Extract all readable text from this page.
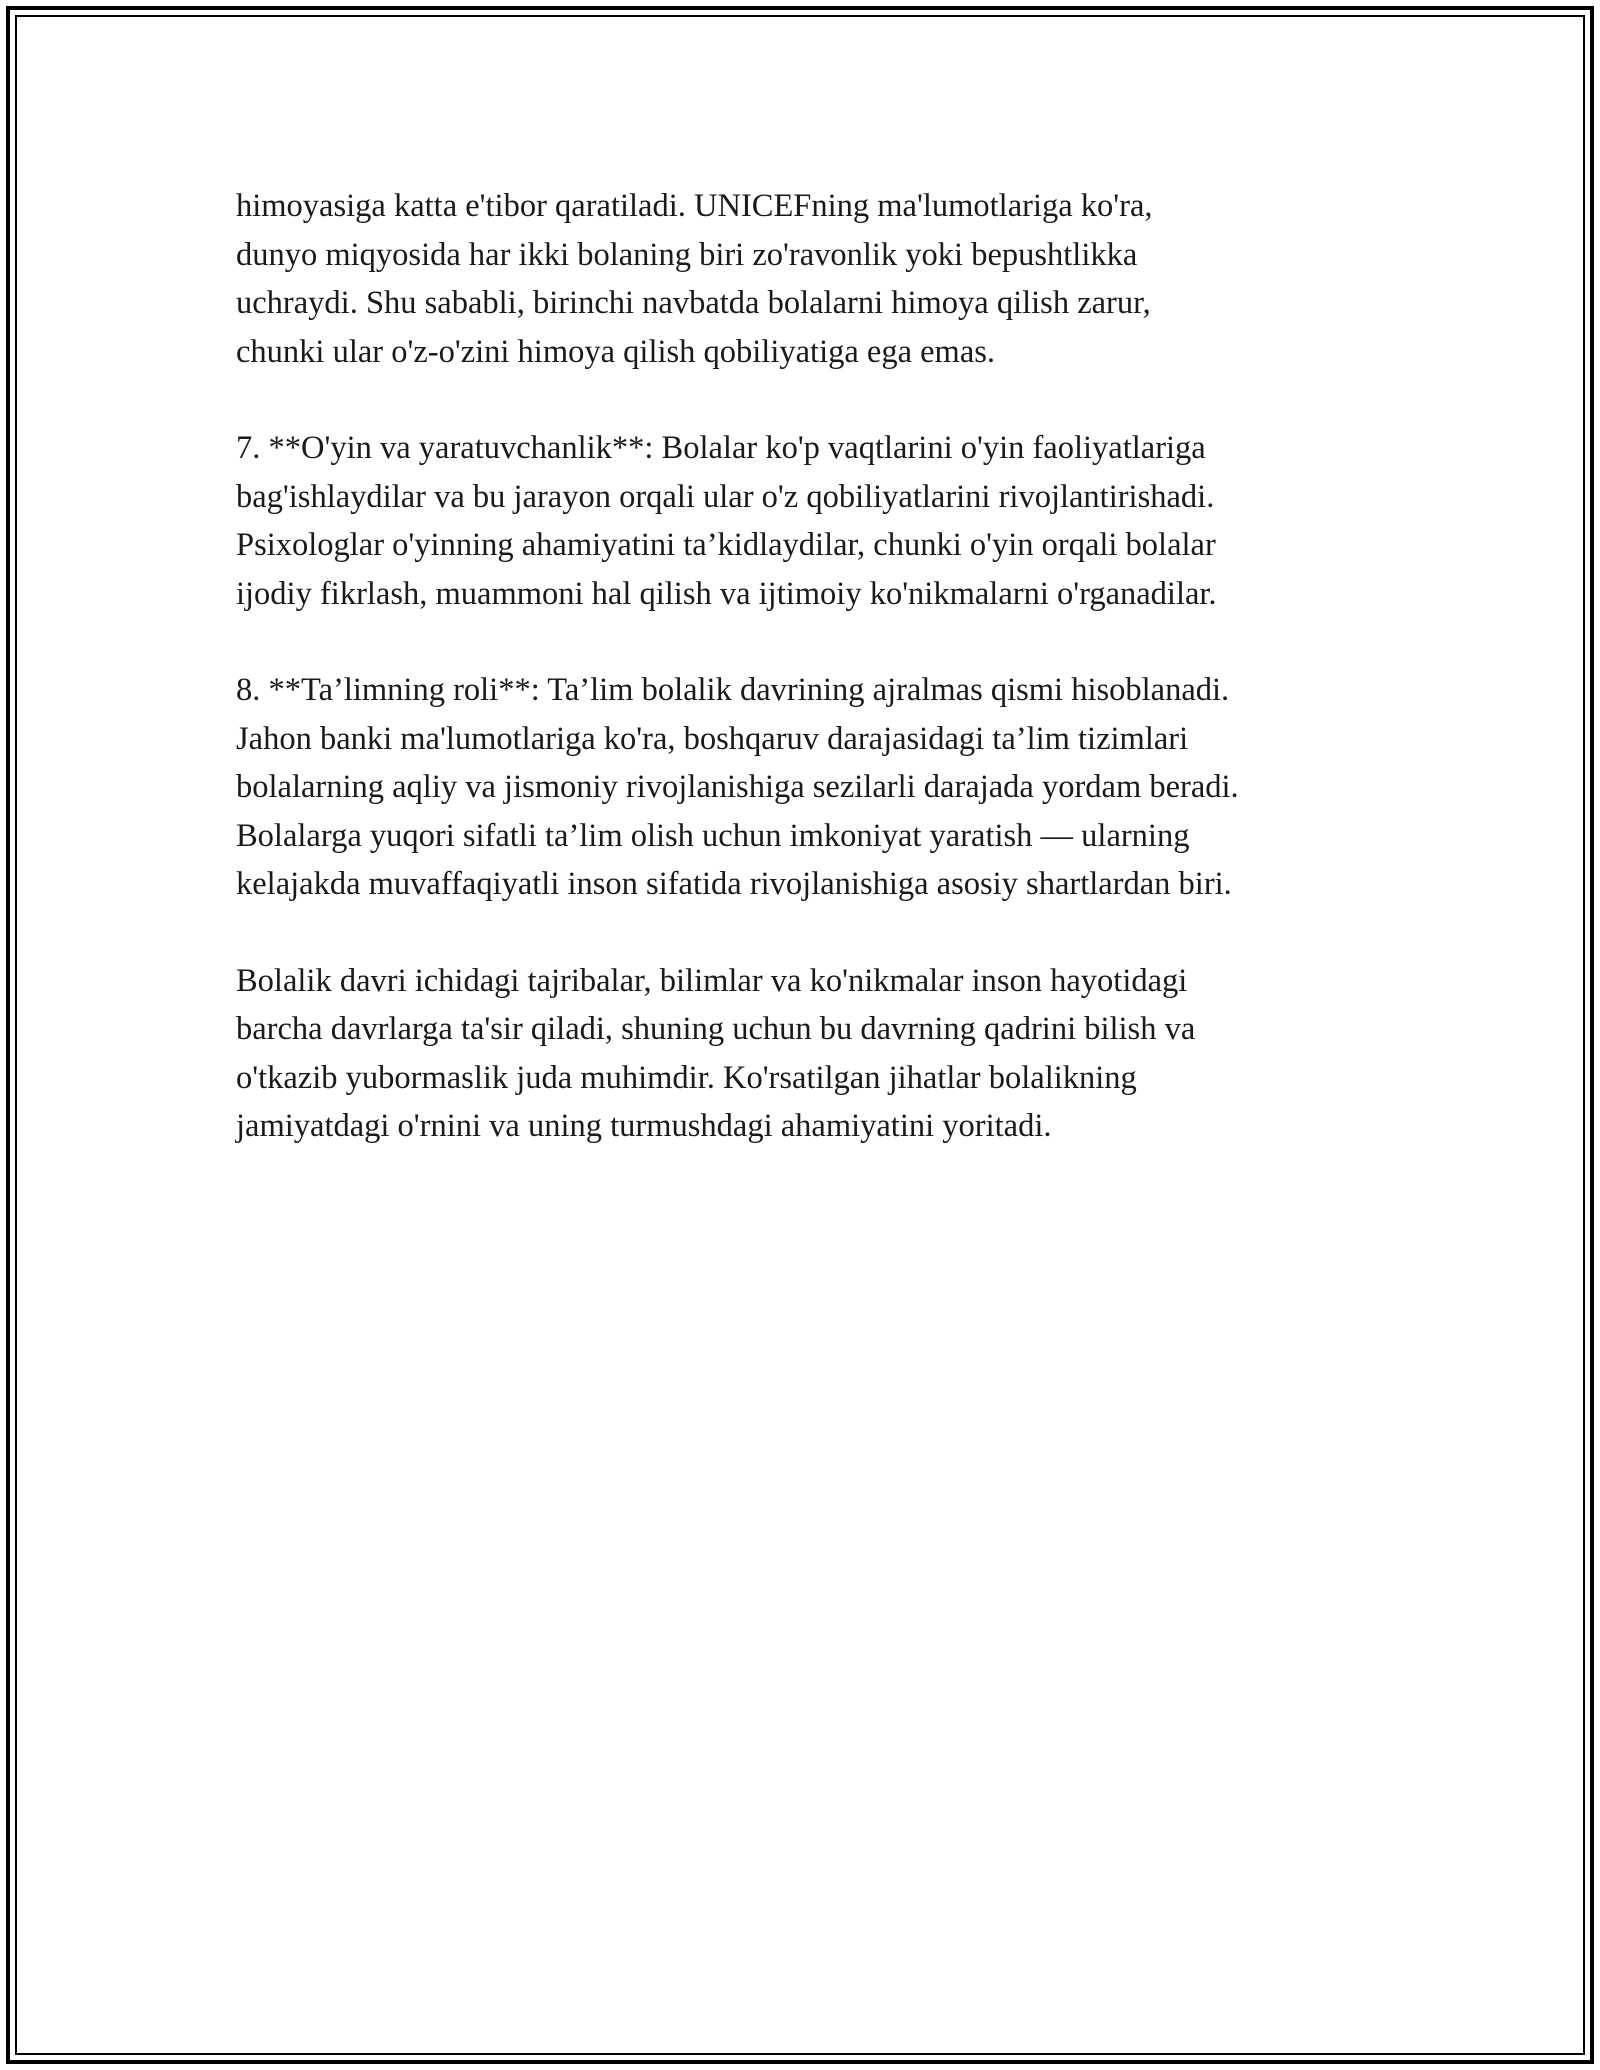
himoyasiga katta e'tibor qaratiladi. UNICEFning ma'lumotlariga ko'ra,
dunyo miqyosida har ikki bolaning biri zo'ravonlik yoki bepushtlikka
uchraydi. Shu sababli, birinchi navbatda bolalarni himoya qilish zarur,
chunki ular o'z-o'zini himoya qilish qobiliyatiga ega emas.

7. **O'yin va yaratuvchanlik**: Bolalar ko'p vaqtlarini o'yin faoliyatlariga
bag'ishlaydilar va bu jarayon orqali ular o'z qobiliyatlarini rivojlantirishadi.
Psixologlar o'yinning ahamiyatini ta’kidlaydilar, chunki o'yin orqali bolalar
ijodiy fikrlash, muammoni hal qilish va ijtimoiy ko'nikmalarni o'rganadilar.

8. **Ta’limning roli**: Ta’lim bolalik davrining ajralmas qismi hisoblanadi.
Jahon banki ma'lumotlariga ko'ra, boshqaruv darajasidagi ta’lim tizimlari
bolalarning aqliy va jismoniy rivojlanishiga sezilarli darajada yordam beradi.
Bolalarga yuqori sifatli ta’lim olish uchun imkoniyat yaratish — ularning
kelajakda muvaffaqiyatli inson sifatida rivojlanishiga asosiy shartlardan biri.

Bolalik davri ichidagi tajribalar, bilimlar va ko'nikmalar inson hayotidagi
barcha davrlarga ta'sir qiladi, shuning uchun bu davrning qadrini bilish va
o'tkazib yubormaslik juda muhimdir. Ko'rsatilgan jihatlar bolalikning
jamiyatdagi o'rnini va uning turmushdagi ahamiyatini yoritadi.
